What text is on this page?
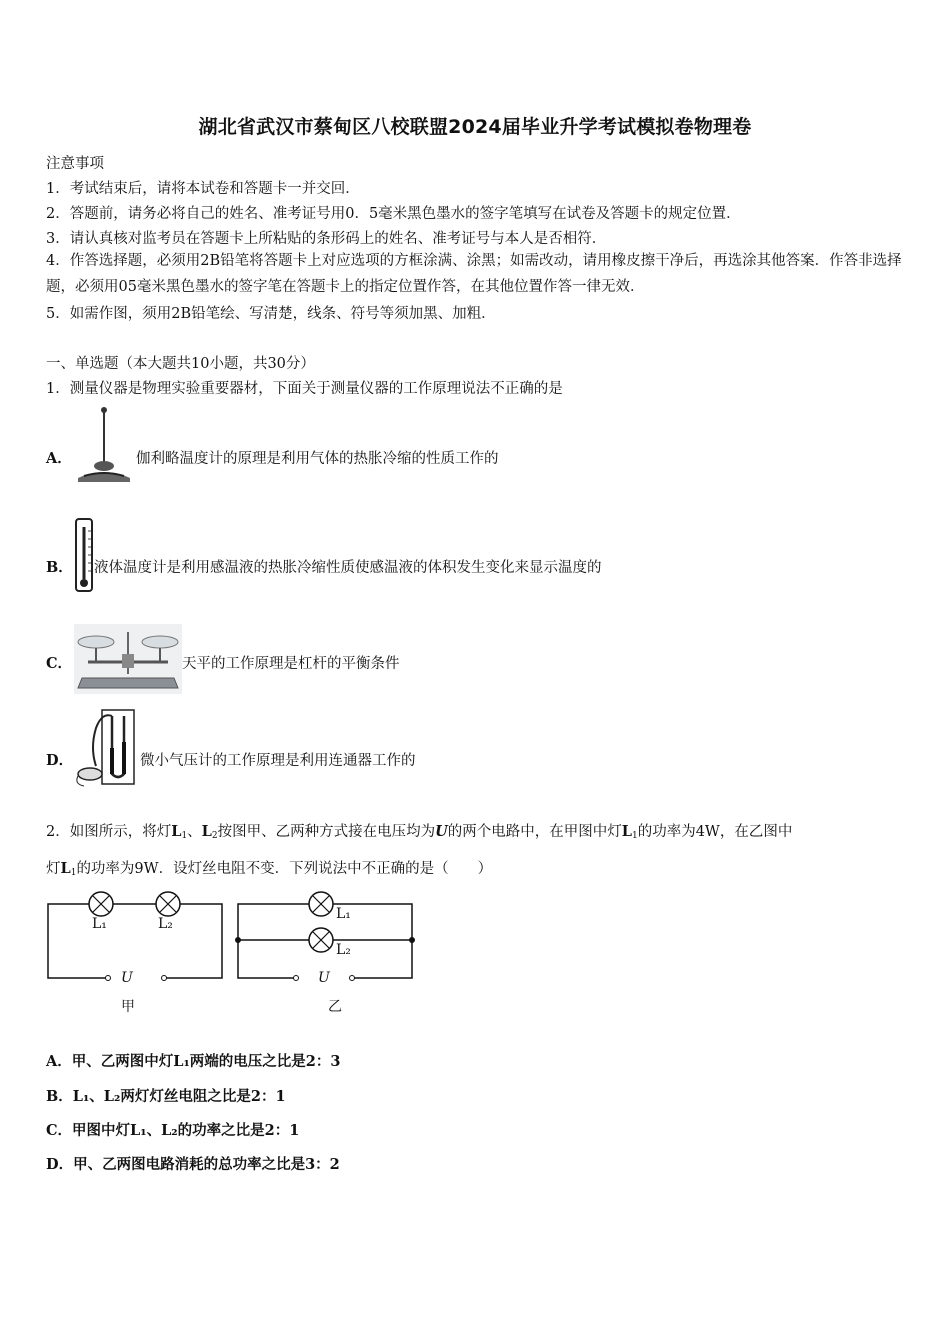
湖北省武汉市蔡甸区八校联盟2024届毕业升学考试模拟卷物理卷
注意事项
1．考试结束后，请将本试卷和答题卡一并交回．
2．答题前，请务必将自己的姓名、准考证号用0．5毫米黑色墨水的签字笔填写在试卷及答题卡的规定位置．
3．请认真核对监考员在答题卡上所粘贴的条形码上的姓名、准考证号与本人是否相符．
4．作答选择题，必须用2B铅笔将答题卡上对应选项的方框涂满、涂黑；如需改动，请用橡皮擦干净后，再选涂其他答案．作答非选择题，必须用05毫米黑色墨水的签字笔在答题卡上的指定位置作答，在其他位置作答一律无效．
5．如需作图，须用2B铅笔绘、写清楚，线条、符号等须加黑、加粗．
一、单选题（本大题共10小题，共30分）
1．测量仪器是物理实验重要器材，下面关于测量仪器的工作原理说法不正确的是
A．	伽利略温度计的原理是利用气体的热胀冷缩的性质工作的
B． 液体温度计是利用感温液的热胀冷缩性质使感温液的体积发生变化来显示温度的
C．	天平的工作原理是杠杆的平衡条件
D．	微小气压计的工作原理是利用连通器工作的
2．如图所示，将灯$L_1$、$L_2$按图甲、乙两种方式接在电压均为U的两个电路中，在甲图中灯$L_1$的功率为4W，在乙图中
灯$L_1$的功率为9W．设灯丝电阻不变．下列说法中不正确的是（　　）
L₁	L₂
U
甲
L₁
L₂
U
乙
A．甲、乙两图中灯L₁两端的电压之比是2：3
B．L₁、L₂两灯灯丝电阻之比是2：1
C．甲图中灯L₁、L₂的功率之比是2：1
D．甲、乙两图电路消耗的总功率之比是3：2
